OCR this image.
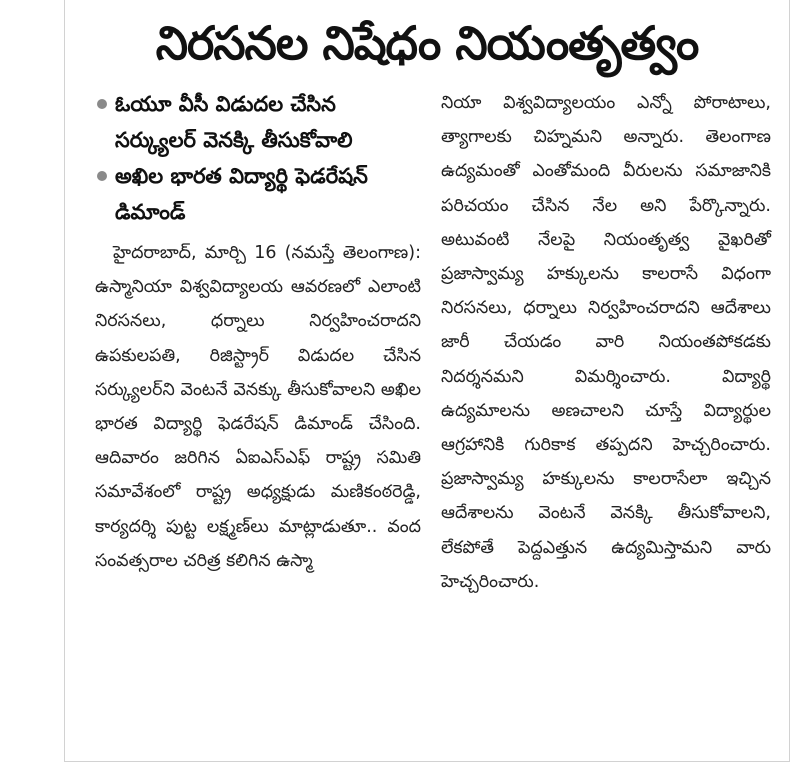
నిరసనల నిషేధం నియంతృత్వం
ఓయూ వీసీ విడుదల చేసిన సర్క్యులర్ వెనక్కి తీసుకోవాలి
అఖిల భారత విద్యార్థి ఫెడరేషన్ డిమాండ్

హైదరాబాద్, మార్చి 16 (నమస్తే తెలంగాణ): ఉస్మానియా విశ్వవిద్యాలయ ఆవరణలో ఎలాంటి నిరసనలు, ధర్నాలు నిర్వహించరాదని ఉపకులపతి, రిజిస్ట్రార్ విడుదల చేసిన సర్క్యులర్‌ని వెంటనే వెనక్కు తీసుకోవాలని అఖిల భారత విద్యార్థి ఫెడరేషన్ డిమాండ్ చేసింది. ఆదివారం జరిగిన ఏఐఎస్ఎఫ్ రాష్ట్ర సమితి సమావేశంలో రాష్ట్ర అధ్యక్షుడు మణికంఠరెడ్డి, కార్యదర్శి పుట్ట లక్ష్మణ్‌లు మాట్లాడుతూ.. వంద సంవత్సరాల చరిత్ర కలిగిన ఉస్మా

నియా విశ్వవిద్యాలయం ఎన్నో పోరాటాలు, త్యాగాలకు చిహ్నమని అన్నారు. తెలంగాణ ఉద్యమంతో ఎంతోమంది వీరులను సమాజానికి పరిచయం చేసిన నేల అని పేర్కొన్నారు. అటువంటి నేలపై నియంతృత్వ వైఖరితో ప్రజాస్వామ్య హక్కులను కాలరాసే విధంగా నిరసనలు, ధర్నాలు నిర్వహించరాదని ఆదేశాలు జారీ చేయడం వారి నియంతపోకడకు నిదర్శనమని విమర్శించారు. విద్యార్థి ఉద్యమాలను అణచాలని చూస్తే విద్యార్థుల ఆగ్రహానికి గురికాక తప్పదని హెచ్చరించారు. ప్రజాస్వామ్య హక్కులను కాలరాసేలా ఇచ్చిన ఆదేశాలను వెంటనే వెనక్కి తీసుకోవాలని, లేకపోతే పెద్దఎత్తున ఉద్యమిస్తామని వారు హెచ్చరించారు.
